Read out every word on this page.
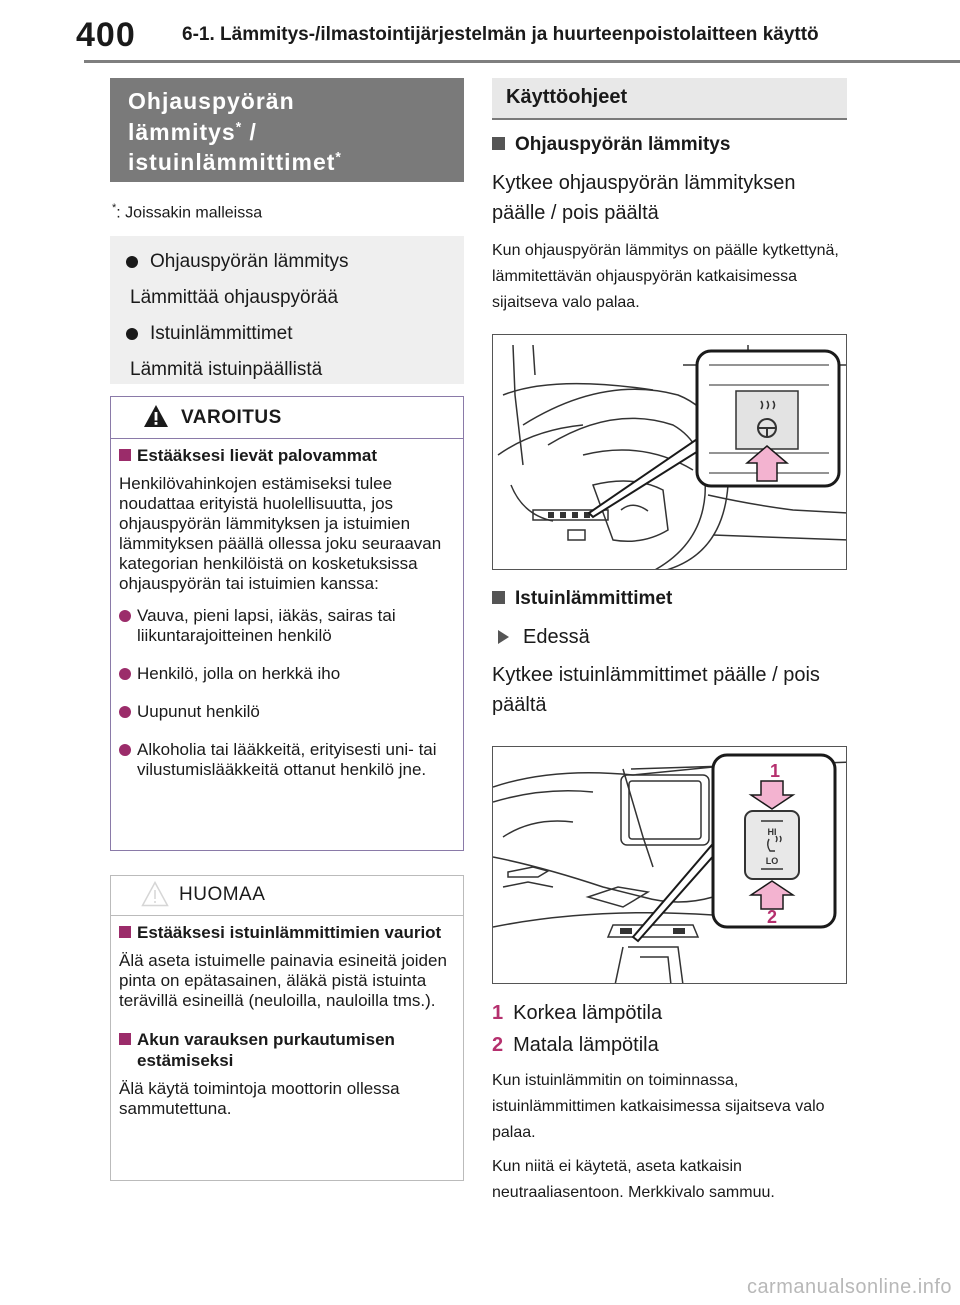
400 6-1. Lämmitys-/ilmastointijärjestelmän ja huurteenpoistolaitteen käyttö
Ohjauspyörän
lämmitys* /
istuinlämmittimet*
*: Joissakin malleissa
Ohjauspyörän lämmitys
Lämmittää ohjauspyörää
Istuinlämmittimet
Lämmitä istuinpäällistä
VAROITUS
Estääksesi lievät palovammat
Henkilövahinkojen estämiseksi tulee noudattaa erityistä huolellisuutta, jos ohjauspyörän lämmityksen ja istuimien lämmityksen päällä ollessa joku seuraavan kategorian henkilöistä on kosketuksissa ohjauspyörän tai istuimien kanssa:
Vauva, pieni lapsi, iäkäs, sairas tai liikuntarajoitteinen henkilö
Henkilö, jolla on herkkä iho
Uupunut henkilö
Alkoholia tai lääkkeitä, erityisesti uni- tai vilustumislääkkeitä ottanut henkilö jne.
HUOMAA
Estääksesi istuinlämmittimien vauriot
Älä aseta istuimelle painavia esineitä joiden pinta on epätasainen, äläkä pistä istuinta terävillä esineillä (neuloilla, nauloilla tms.).
Akun varauksen purkautumisen estämiseksi
Älä käytä toimintoja moottorin ollessa sammutettuna.
Käyttöohjeet
Ohjauspyörän lämmitys
Kytkee ohjauspyörän lämmityksen päälle / pois päältä
Kun ohjauspyörän lämmitys on päälle kytkettynä, lämmitettävän ohjauspyörän katkaisimessa sijaitseva valo palaa.
Istuinlämmittimet
Edessä
Kytkee istuinlämmittimet päälle / pois päältä
1
HI
LO
2
1 Korkea lämpötila
2 Matala lämpötila
Kun istuinlämmitin on toiminnassa, istuinlämmittimen katkaisimessa sijaitseva valo palaa.
Kun niitä ei käytetä, aseta katkaisin neutraaliasentoon. Merkkivalo sammuu.
carmanualsonline.info
